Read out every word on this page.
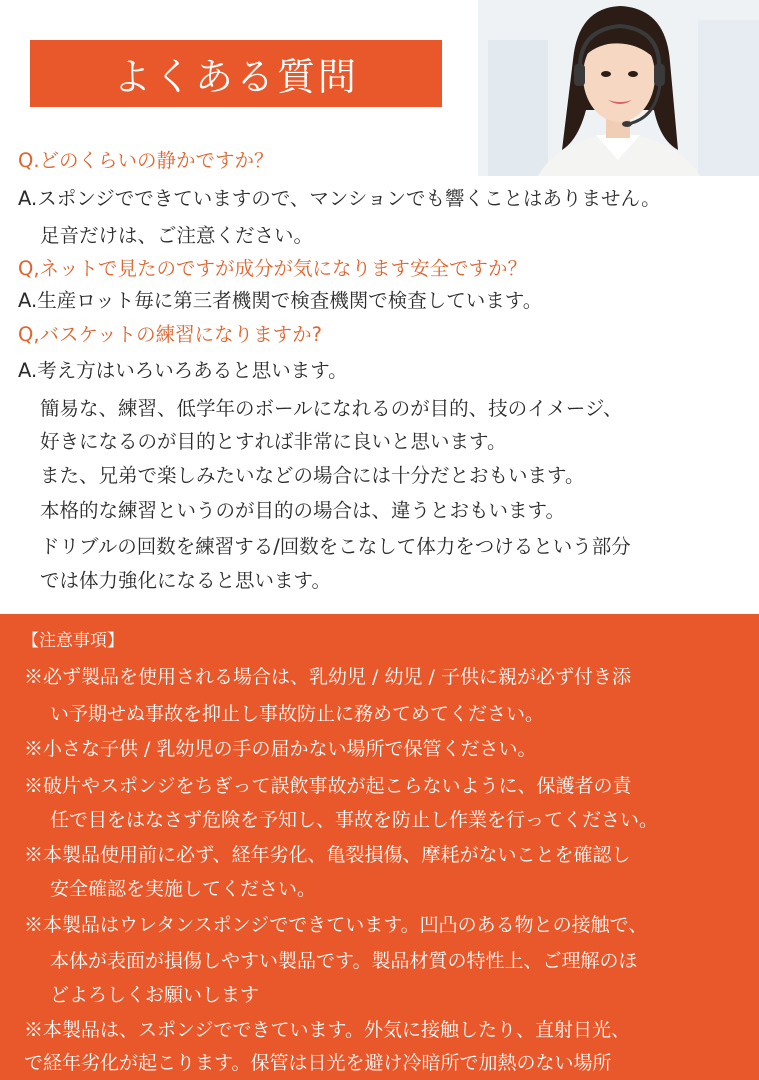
よくある質問
Q.どのくらいの静かですか？
A.スポンジでできていますので、マンションでも響くことはありません。
足音だけは、ご注意ください。
Q,ネットで見たのですが成分が気になります安全ですか？
A.生産ロット毎に第三者機関で検査機関で検査しています。
Q,バスケットの練習になりますか?
A.考え方はいろいろあると思います。
簡易な、練習、低学年のボールになれるのが目的、技のイメージ、
好きになるのが目的とすれば非常に良いと思います。
また、兄弟で楽しみたいなどの場合には十分だとおもいます。
本格的な練習というのが目的の場合は、違うとおもいます。
ドリブルの回数を練習する/回数をこなして体力をつけるという部分
では体力強化になると思います。
【注意事項】
※必ず製品を使用される場合は、乳幼児 / 幼児 / 子供に親が必ず付き添
い予期せぬ事故を抑止し事故防止に務めてめてください。
※小さな子供 / 乳幼児の手の届かない場所で保管ください。
※破片やスポンジをちぎって誤飲事故が起こらないように、保護者の責
任で目をはなさず危険を予知し、事故を防止し作業を行ってください。
※本製品使用前に必ず、経年劣化、亀裂損傷、摩耗がないことを確認し
安全確認を実施してください。
※本製品はウレタンスポンジでできています。凹凸のある物との接触で、
本体が表面が損傷しやすい製品です。製品材質の特性上、ご理解のほ
どよろしくお願いします
※本製品は、スポンジでできています。外気に接触したり、直射日光、
で経年劣化が起こります。保管は日光を避け冷暗所で加熱のない場所
